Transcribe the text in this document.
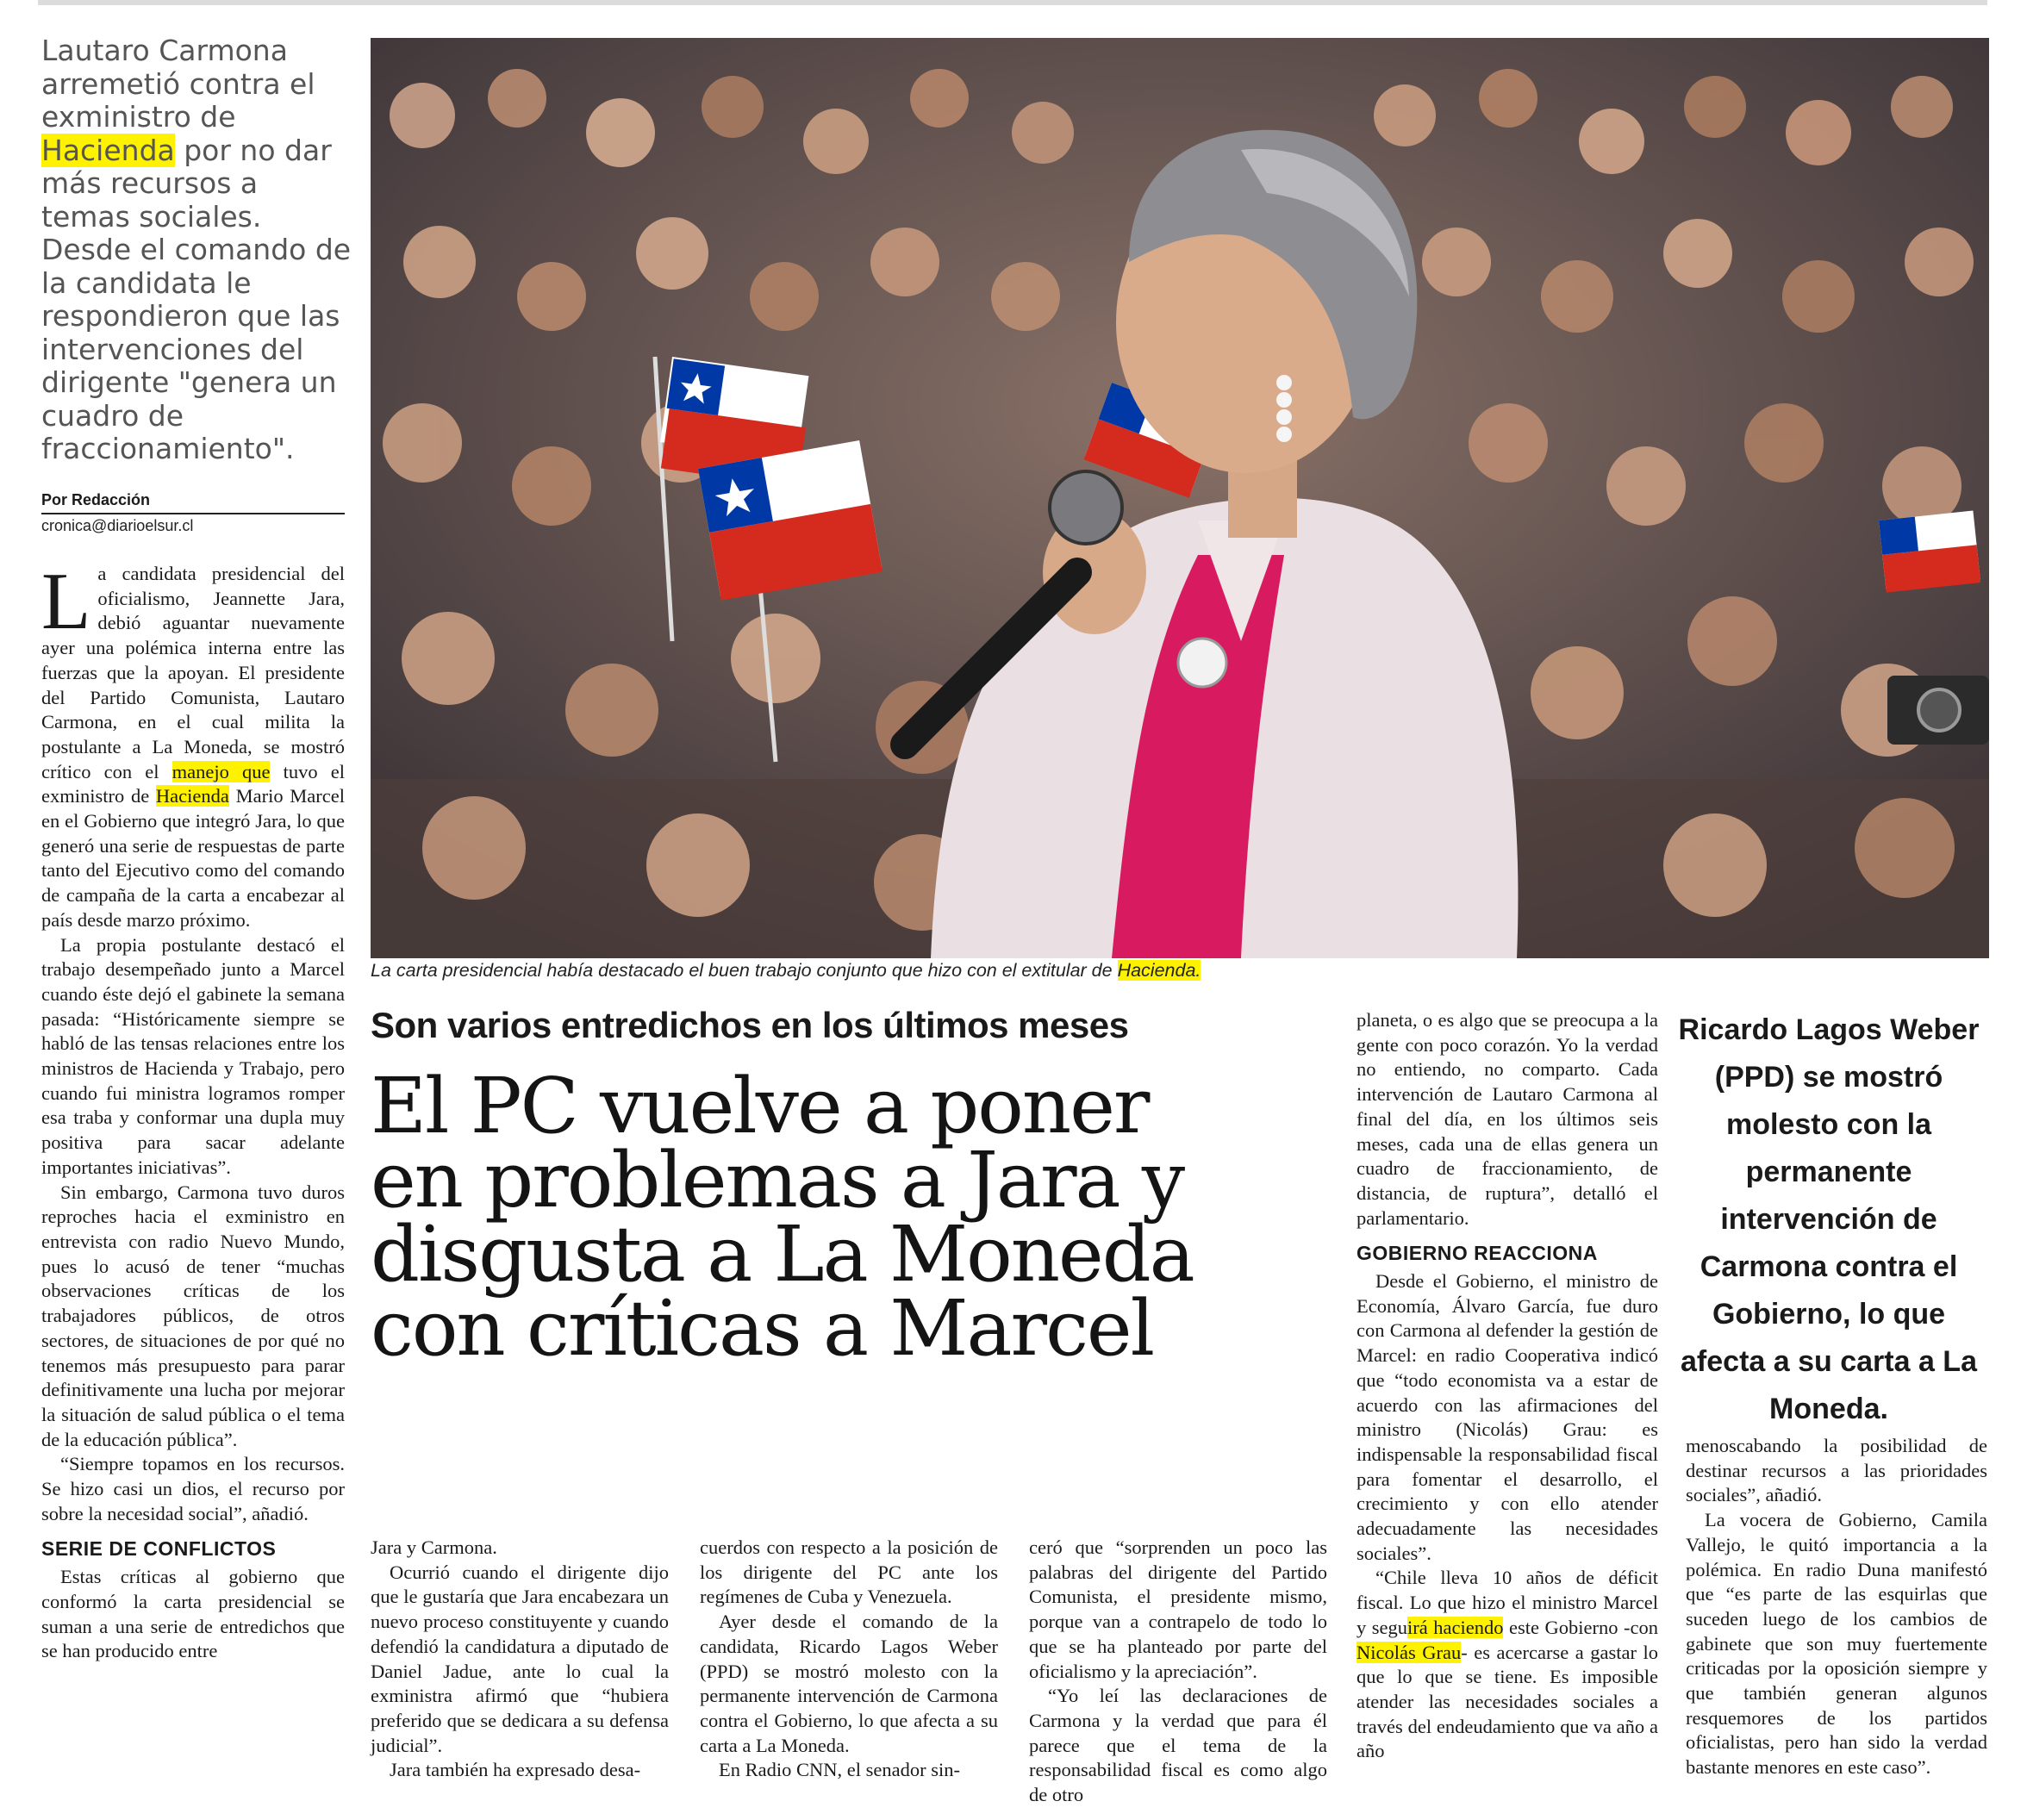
Lautaro Carmona arremetió contra el exministro de Hacienda por no dar más recursos a temas sociales. Desde el comando de la candidata le respondieron que las intervenciones del dirigente "genera un cuadro de fraccionamiento".
Por Redacción
cronica@diarioelsur.cl

La candidata presidencial del oficialismo, Jeannette Jara, debió aguantar nuevamente ayer una polémica interna entre las fuerzas que la apoyan. El presidente del Partido Comunista, Lautaro Carmona, en el cual milita la postulante a La Moneda, se mostró crítico con el manejo que tuvo el exministro de Hacienda Mario Marcel en el Gobierno que integró Jara, lo que generó una serie de respuestas de parte tanto del Ejecutivo como del comando de campaña de la carta a encabezar al país desde marzo próximo.

La propia postulante destacó el trabajo desempeñado junto a Marcel cuando éste dejó el gabinete la semana pasada: “Históricamente siempre se habló de las tensas relaciones entre los ministros de Hacienda y Trabajo, pero cuando fui ministra logramos romper esa traba y conformar una dupla muy positiva para sacar adelante importantes iniciativas”.

Sin embargo, Carmona tuvo duros reproches hacia el exministro en entrevista con radio Nuevo Mundo, pues lo acusó de tener “muchas observaciones críticas de los trabajadores públicos, de otros sectores, de situaciones de por qué no tenemos más presupuesto para parar definitivamente una lucha por mejorar la situación de salud pública o el tema de la educación pública”.

“Siempre topamos en los recursos. Se hizo casi un dios, el recurso por sobre la necesidad social”, añadió.

SERIE DE CONFLICTOS

Estas críticas al gobierno que conformó la carta presidencial se suman a una serie de entredichos que se han producido entre

La carta presidencial había destacado el buen trabajo conjunto que hizo con el extitular de Hacienda.
Son varios entredichos en los últimos meses
El PC vuelve a poner
en problemas a Jara y
disgusta a La Moneda
con críticas a Marcel

Jara y Carmona.

Ocurrió cuando el dirigente dijo que le gustaría que Jara encabezara un nuevo proceso constituyente y cuando defendió la candidatura a diputado de Daniel Jadue, ante lo cual la exministra afirmó que “hubiera preferido que se dedicara a su defensa judicial”.

Jara también ha expresado desa-

cuerdos con respecto a la posición de los dirigente del PC ante los regímenes de Cuba y Venezuela.

Ayer desde el comando de la candidata, Ricardo Lagos Weber (PPD) se mostró molesto con la permanente intervención de Carmona contra el Gobierno, lo que afecta a su carta a La Moneda.

En Radio CNN, el senador sin-

ceró que “sorprenden un poco las palabras del dirigente del Partido Comunista, el presidente mismo, porque van a contrapelo de todo lo que se ha planteado por parte del oficialismo y la apreciación”.

“Yo leí las declaraciones de Carmona y la verdad que para él parece que el tema de la responsabilidad fiscal es como algo de otro

planeta, o es algo que se preocupa a la gente con poco corazón. Yo la verdad no entiendo, no comparto. Cada intervención de Lautaro Carmona al final del día, en los últimos seis meses, cada una de ellas genera un cuadro de fraccionamiento, de distancia, de ruptura”, detalló el parlamentario.

GOBIERNO REACCIONA

Desde el Gobierno, el ministro de Economía, Álvaro García, fue duro con Carmona al defender la gestión de Marcel: en radio Cooperativa indicó que “todo economista va a estar de acuerdo con las afirmaciones del ministro (Nicolás) Grau: es indispensable la responsabilidad fiscal para fomentar el desarrollo, el crecimiento y con ello atender adecuadamente las necesidades sociales”.

“Chile lleva 10 años de déficit fiscal. Lo que hizo el ministro Marcel y seguirá haciendo este Gobierno -con Nicolás Grau- es acercarse a gastar lo que lo que se tiene. Es imposible atender las necesidades sociales a través del endeudamiento que va año a año

Ricardo Lagos Weber (PPD) se mostró molesto con la permanente intervención de Carmona contra el Gobierno, lo que afecta a su carta a La Moneda.

menoscabando la posibilidad de destinar recursos a las prioridades sociales”, añadió.

La vocera de Gobierno, Camila Vallejo, le quitó importancia a la polémica. En radio Duna manifestó que “es parte de las esquirlas que suceden luego de los cambios de gabinete que son muy fuertemente criticadas por la oposición siempre y que también generan algunos resquemores de los partidos oficialistas, pero han sido la verdad bastante menores en este caso”.
